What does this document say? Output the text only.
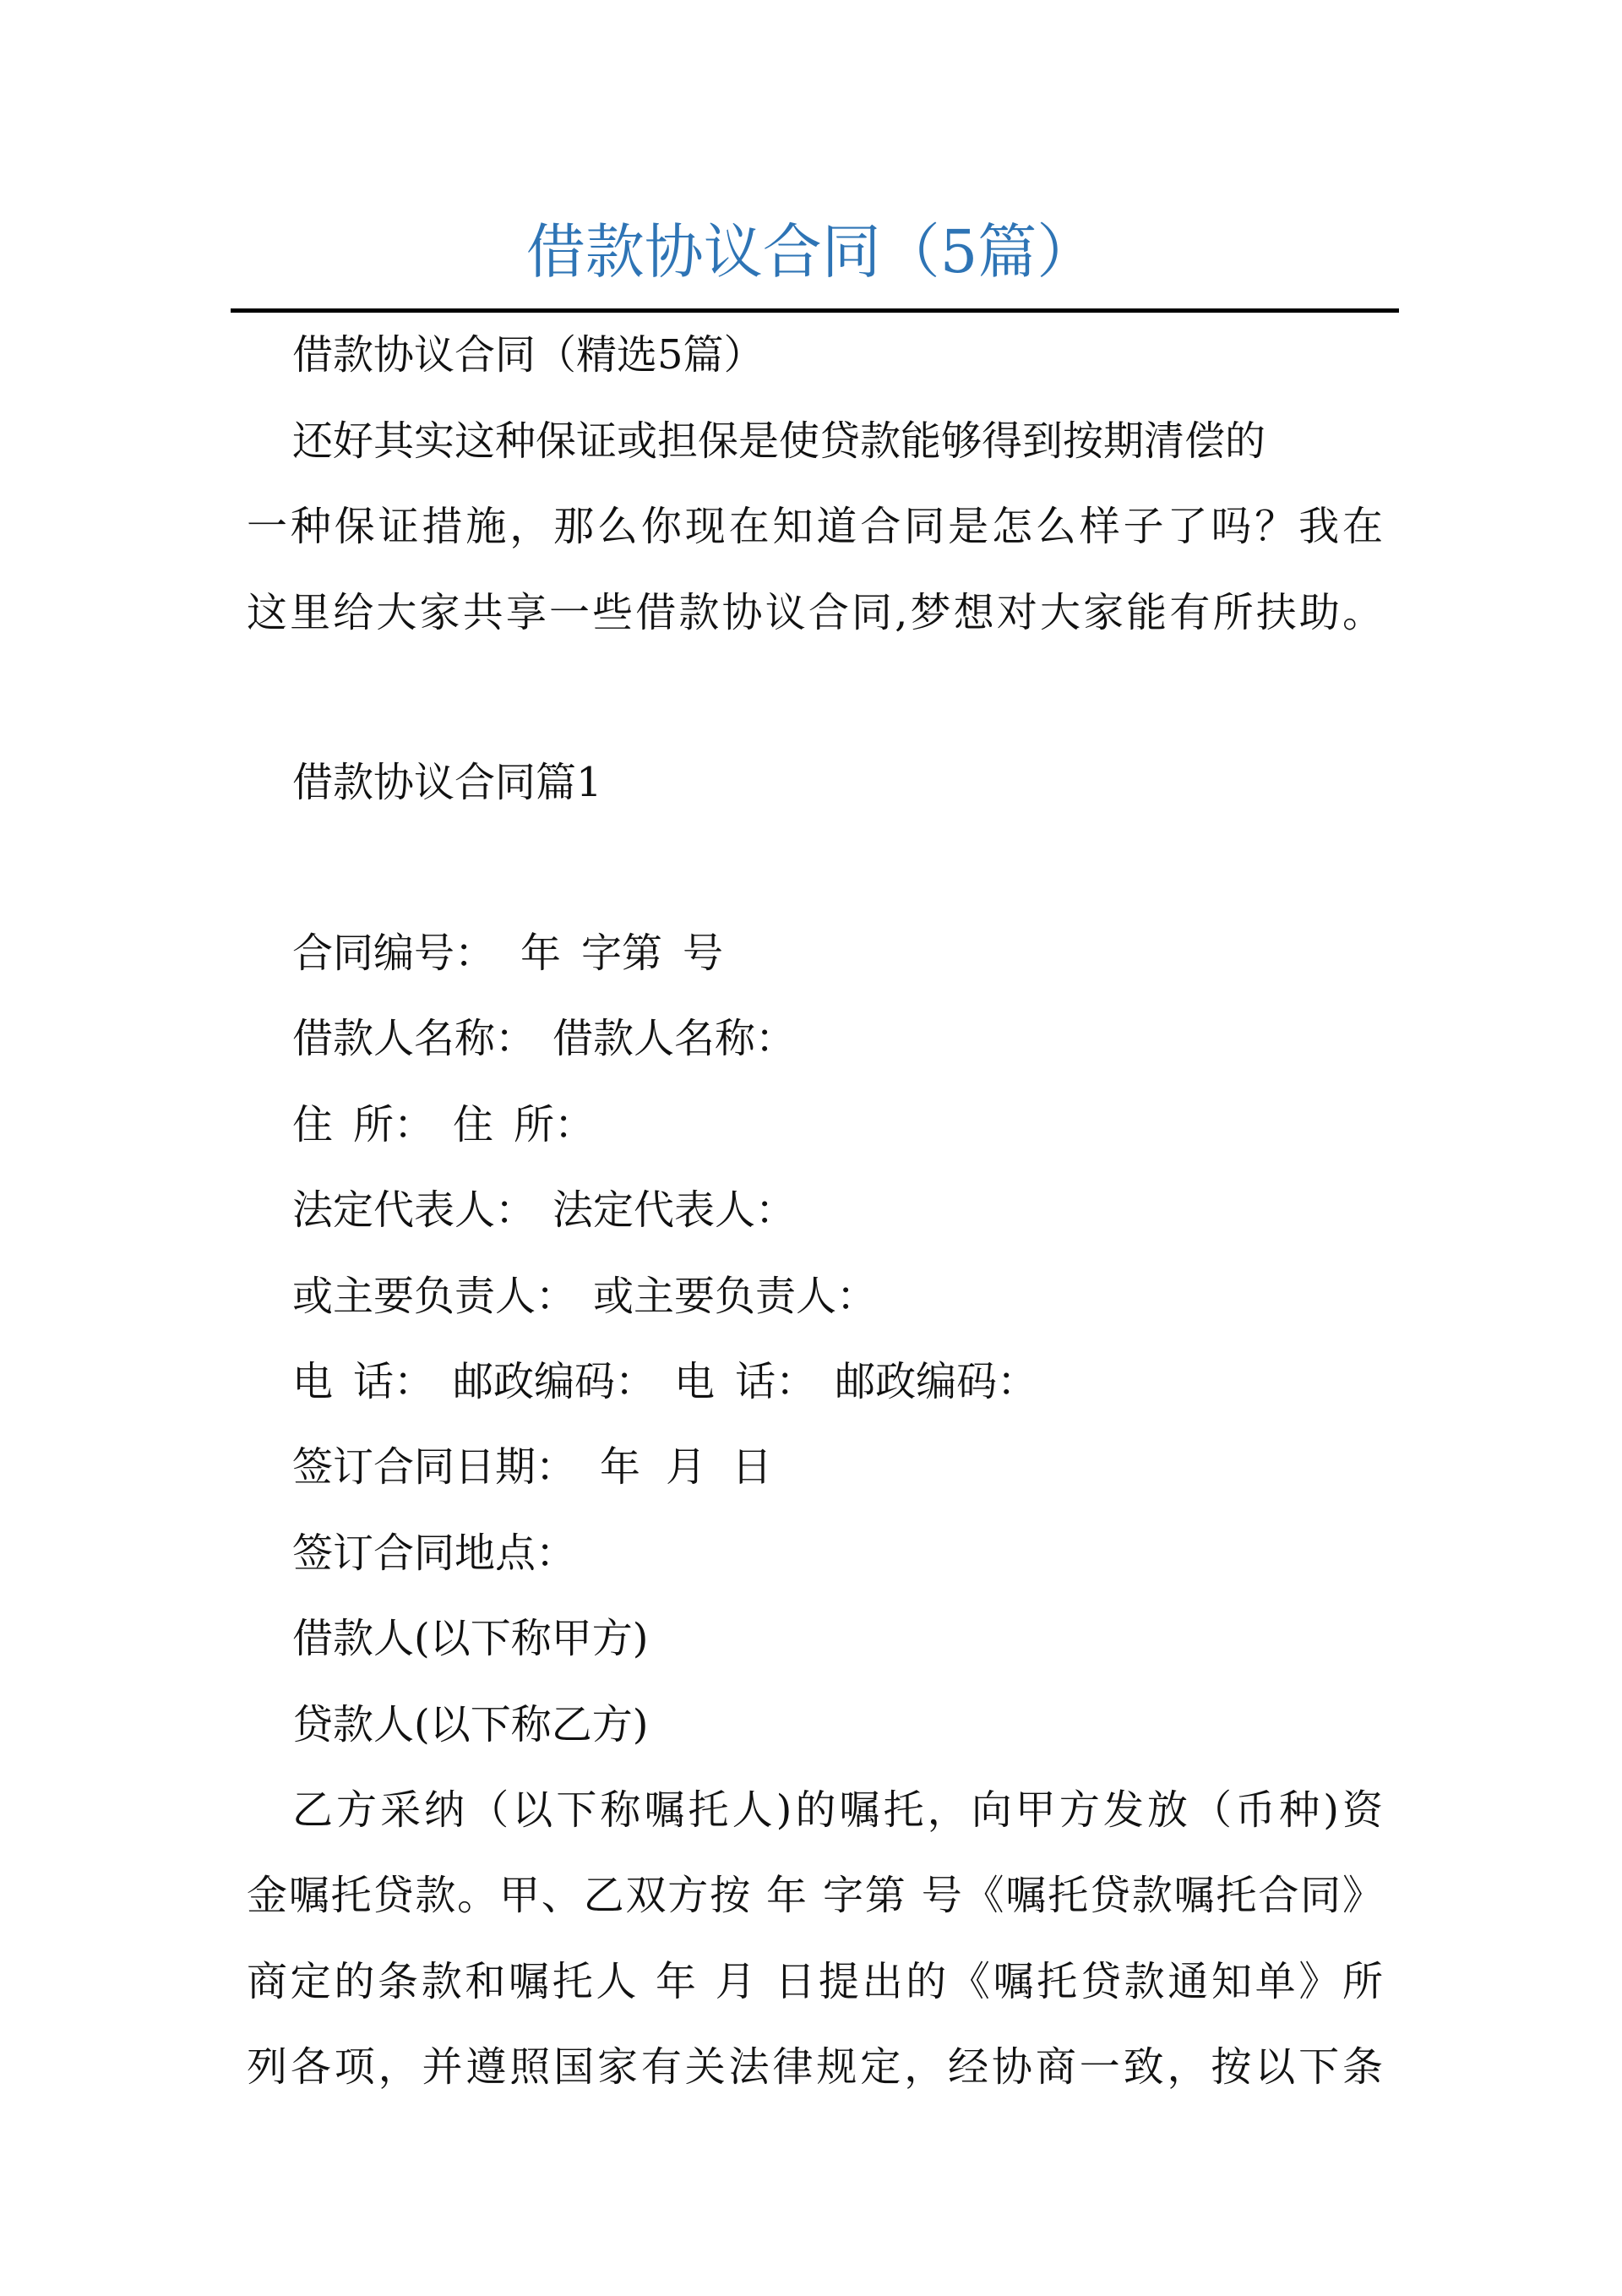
借款协议合同（5篇）
借款协议合同（精选5篇）
还好其实这种保证或担保是使贷款能够得到按期清偿的
一种保证措施，那么你现在知道合同是怎么样子了吗？我在
这里给大家共享一些借款协议合同,梦想对大家能有所扶助。
借款协议合同篇1
合同编号： 年 字第 号
借款人名称： 借款人名称：
住 所： 住 所：
法定代表人： 法定代表人：
或主要负责人： 或主要负责人：
电 话： 邮政编码： 电 话： 邮政编码：
签订合同日期： 年 月 日
签订合同地点：
借款人(以下称甲方)
贷款人(以下称乙方)
乙方采纳（以下称嘱托人)的嘱托，向甲方发放（币种)资
金嘱托贷款。甲、乙双方按 年 字第 号《嘱托贷款嘱托合同》
商定的条款和嘱托人 年 月 日提出的《嘱托贷款通知单》所
列各项，并遵照国家有关法律规定，经协商一致，按以下条
